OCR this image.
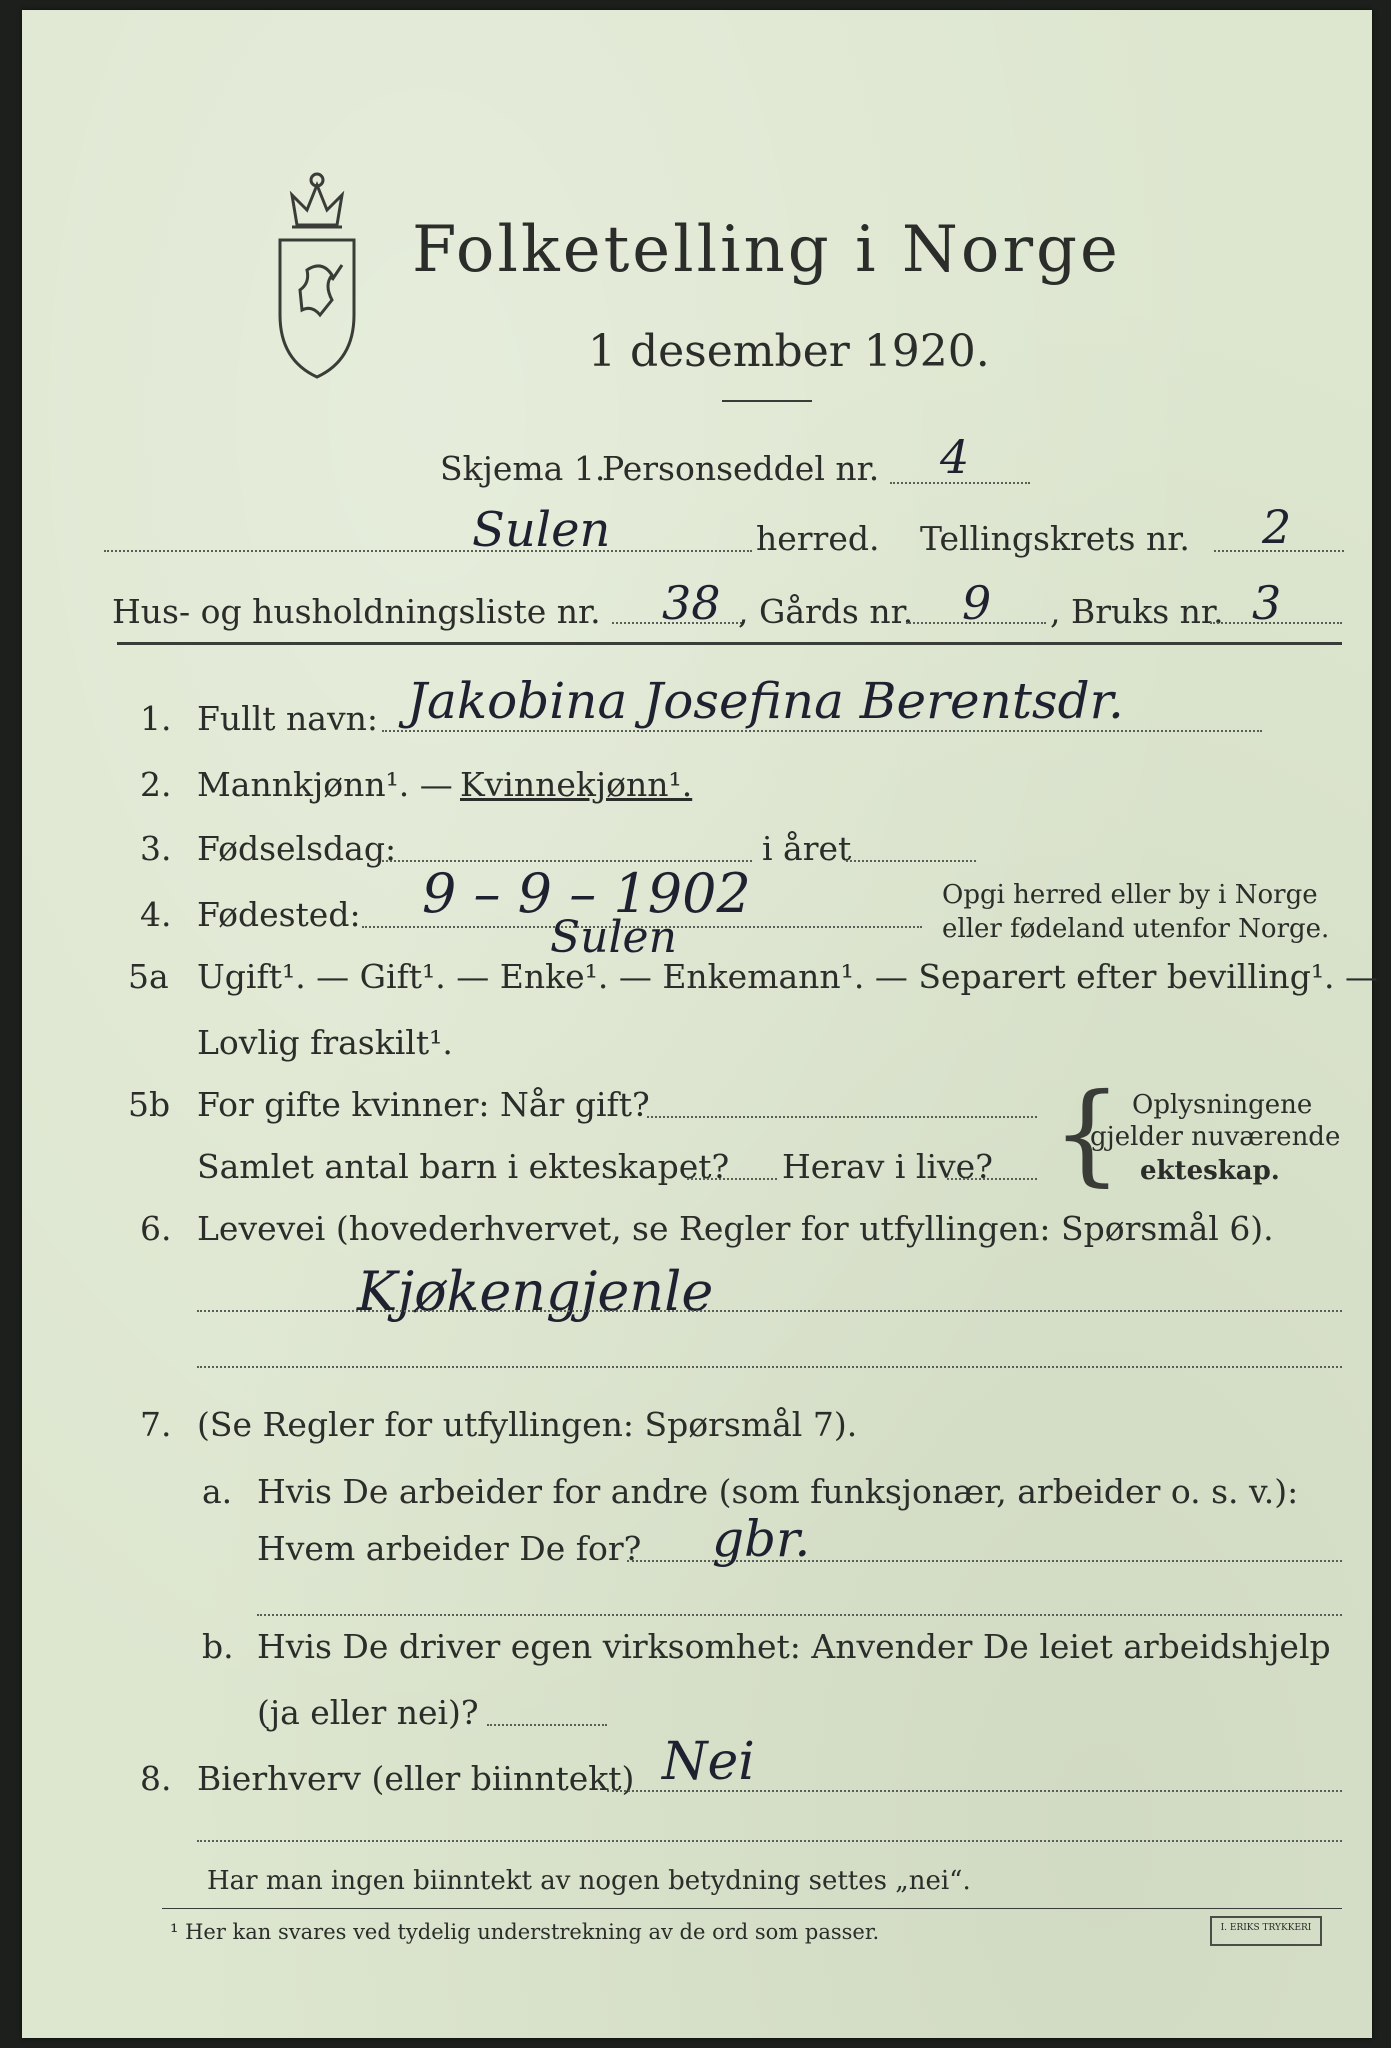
Folketelling i Norge
1 desember 1920.
Skjema 1.
Personseddel nr. 4
Sulen	herred. Tellingskrets nr. 2
Hus- og husholdningsliste nr. 38 , Gårds nr. 9 , Bruks nr. 3
1. Fullt navn: Jakobina Josefina Berentsdr.
2. Mannkjønn¹. — Kvinnekjønn¹.
3. Fødselsdag:	i året
4. Fødested: 9 – 9 – 1902
Sulen
Opgi herred eller by i Norge
eller fødeland utenfor Norge.
5a Ugift¹. — Gift¹. — Enke¹. — Enkemann¹. — Separert efter bevilling¹. —
Lovlig fraskilt¹.
5b For gifte kvinner: Når gift?
Samlet antal barn i ekteskapet? Herav i live? { Oplysningene
gjelder nuværende
ekteskap.
6. Levevei (hovederhvervet, se Regler for utfyllingen: Spørsmål 6).
Kjøkengjenle
7. (Se Regler for utfyllingen: Spørsmål 7).
a. Hvis De arbeider for andre (som funksjonær, arbeider o. s. v.):
Hvem arbeider De for? gbr.
b. Hvis De driver egen virksomhet: Anvender De leiet arbeidshjelp
(ja eller nei)?
8. Bierhverv (eller biinntekt) Nei
Har man ingen biinntekt av nogen betydning settes „nei“.
¹ Her kan svares ved tydelig understrekning av de ord som passer.	I. ERIKS TRYKKERI
